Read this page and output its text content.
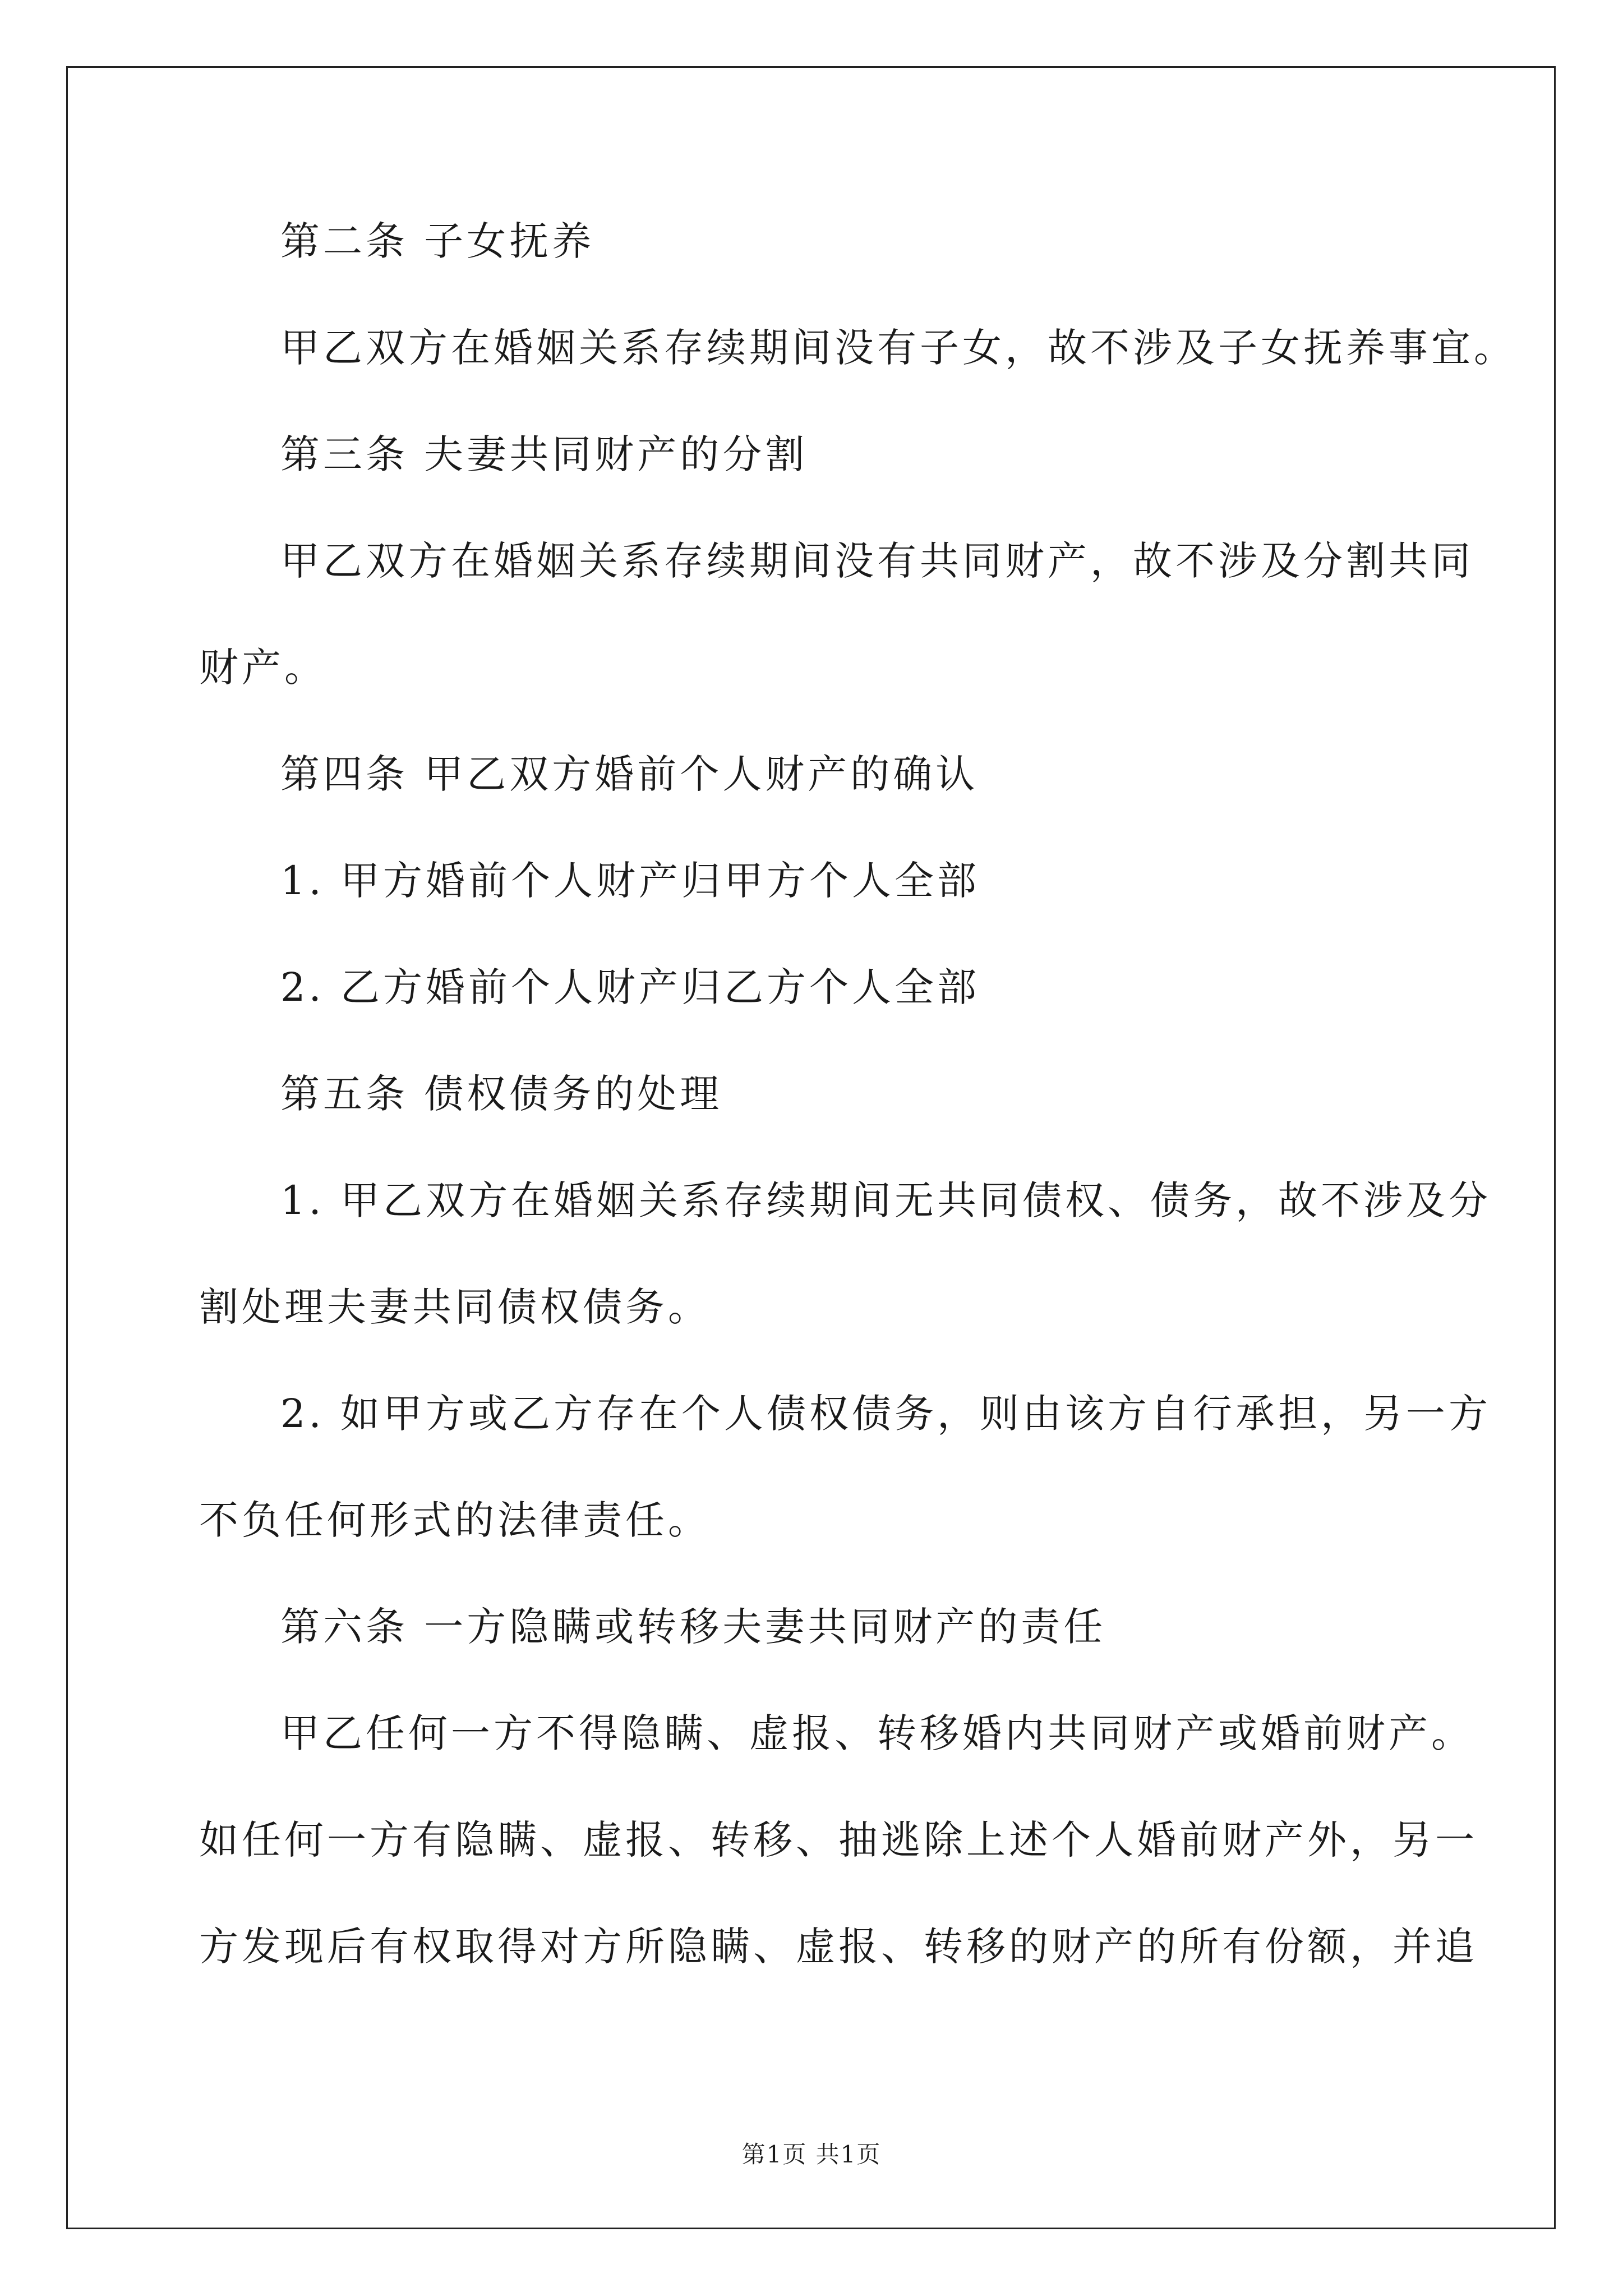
第二条 子女抚养
甲乙双方在婚姻关系存续期间没有子女，故不涉及子女抚养事宜。
第三条 夫妻共同财产的分割
甲乙双方在婚姻关系存续期间没有共同财产，故不涉及分割共同
财产。
第四条 甲乙双方婚前个人财产的确认
1. 甲方婚前个人财产归甲方个人全部
2. 乙方婚前个人财产归乙方个人全部
第五条 债权债务的处理
1. 甲乙双方在婚姻关系存续期间无共同债权、债务，故不涉及分
割处理夫妻共同债权债务。
2. 如甲方或乙方存在个人债权债务，则由该方自行承担，另一方
不负任何形式的法律责任。
第六条 一方隐瞒或转移夫妻共同财产的责任
甲乙任何一方不得隐瞒、虚报、转移婚内共同财产或婚前财产。
如任何一方有隐瞒、虚报、转移、抽逃除上述个人婚前财产外，另一
方发现后有权取得对方所隐瞒、虚报、转移的财产的所有份额，并追
第1页 共1页
